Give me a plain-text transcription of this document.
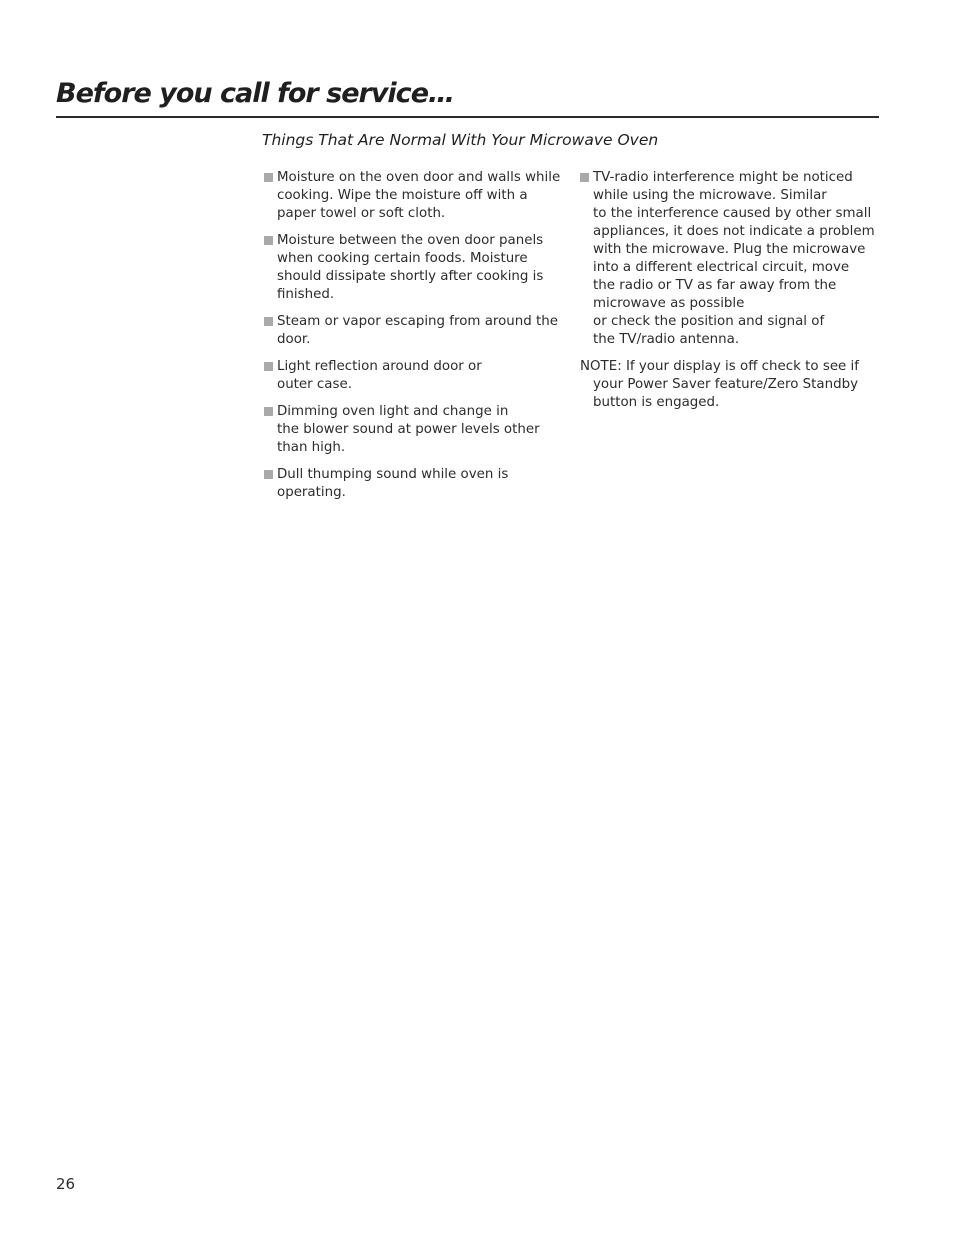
Before you call for service…
Things That Are Normal With Your Microwave Oven
Moisture on the oven door and walls while
cooking. Wipe the moisture off with a
paper towel or soft cloth.
Moisture between the oven door panels
when cooking certain foods. Moisture
should dissipate shortly after cooking is
finished.
Steam or vapor escaping from around the
door.
Light reflection around door or
outer case.
Dimming oven light and change in
the blower sound at power levels other
than high.
Dull thumping sound while oven is
operating.
TV-radio interference might be noticed
while using the microwave. Similar
to the interference caused by other small
appliances, it does not indicate a problem
with the microwave. Plug the microwave
into a different electrical circuit, move
the radio or TV as far away from the
microwave as possible
or check the position and signal of
the TV/radio antenna.
NOTE: If your display is off check to see if
your Power Saver feature/Zero Standby
button is engaged.
26
